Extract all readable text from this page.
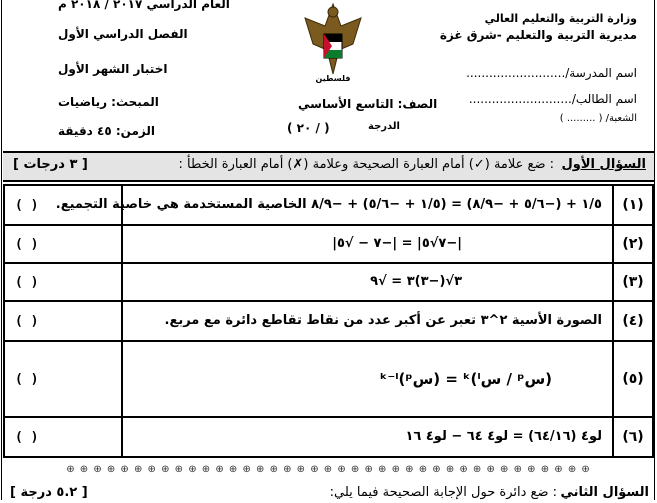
وزارة التربية والتعليم العالي
مديرية التربية والتعليم -شرق غزة
اسم المدرسة/..........................
اسم الطالب/...........................
الشعبة/ ( ......... )
فلسطين
الصف: التاسع الأساسي
الدرجة
( ٢٠ / )
العام الدراسي ٢٠١٧ / ٢٠١٨ م
الفصل الدراسي الأول
اختبار الشهر الأول
المبحث: رياضيات
الزمن: ٤٥ دقيقة
السؤال الأول
: ضع علامة (✓) أمام العبارة الصحيحة وعلامة (✗) أمام العبارة الخطأ :
[ ٣ درجات ]
( )	١/٥ + (−٥/٦ + −٨/٩) = (١/٥ + −٥/٦) + −٨/٩ الخاصية المستخدمة هي خاصية التجميع.	(١)

( )	|−٧√٥| = |−٧ − √٥|	(٢)

( )	٣√(−٣)٣ = √٩	(٣)

( )	الصورة الأسية ٢^٣ تعبر عن أكبر عدد من نقاط تقاطع دائرة مع مربع.	(٤)

( )	(سᵖ / سˡ)ᵏ = (سᵖ)ᵏ⁻ˡ	(٥)

( )	لو٤ (٦٤/١٦) = لو٤ ٦٤ − لو٤ ١٦	(٦)
⊕ ⊕ ⊕ ⊕ ⊕ ⊕ ⊕ ⊕ ⊕ ⊕ ⊕ ⊕ ⊕ ⊕ ⊕ ⊕ ⊕ ⊕ ⊕ ⊕ ⊕ ⊕ ⊕ ⊕ ⊕ ⊕ ⊕ ⊕ ⊕ ⊕ ⊕ ⊕ ⊕ ⊕ ⊕ ⊕ ⊕ ⊕ ⊕
السؤال الثاني
: ضع دائرة حول الإجابة الصحيحة فيما يلي:
[ ٥.٢ درجة ]
